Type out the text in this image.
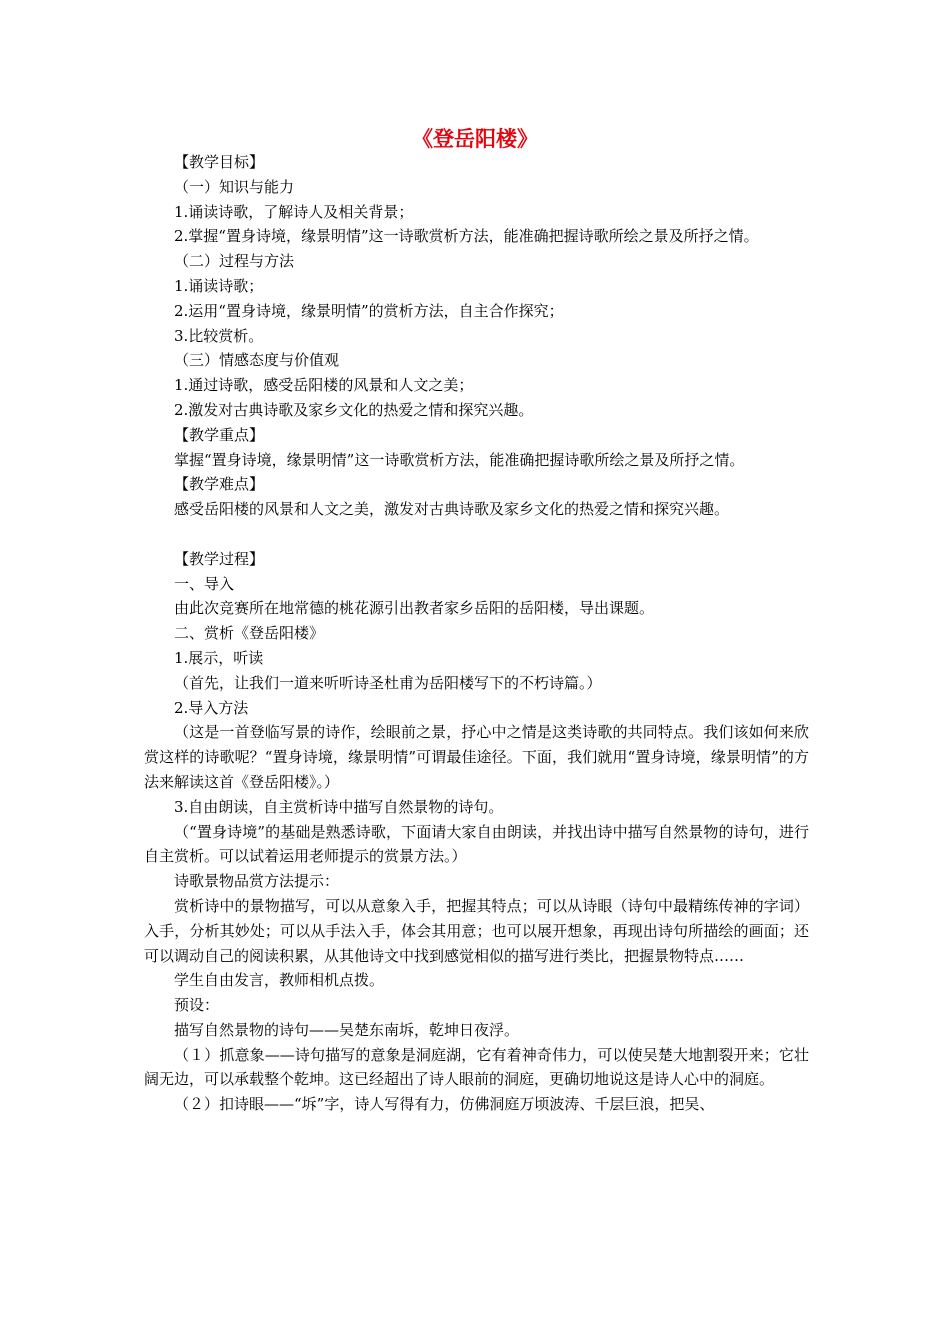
《登岳阳楼》

【教学目标】

（一）知识与能力

1.诵读诗歌，了解诗人及相关背景；

2.掌握“置身诗境，缘景明情”这一诗歌赏析方法，能准确把握诗歌所绘之景及所抒之情。

（二）过程与方法

1.诵读诗歌；

2.运用“置身诗境，缘景明情”的赏析方法，自主合作探究；

3.比较赏析。

（三）情感态度与价值观

1.通过诗歌，感受岳阳楼的风景和人文之美；

2.激发对古典诗歌及家乡文化的热爱之情和探究兴趣。

【教学重点】

掌握“置身诗境，缘景明情”这一诗歌赏析方法，能准确把握诗歌所绘之景及所抒之情。

【教学难点】

感受岳阳楼的风景和人文之美，激发对古典诗歌及家乡文化的热爱之情和探究兴趣。

【教学过程】

一、导入

由此次竞赛所在地常德的桃花源引出教者家乡岳阳的岳阳楼，导出课题。

二、赏析《登岳阳楼》

1.展示，听读

（首先，让我们一道来听听诗圣杜甫为岳阳楼写下的不朽诗篇。）

2.导入方法

（这是一首登临写景的诗作，绘眼前之景，抒心中之情是这类诗歌的共同特点。我们该如何来欣赏这样的诗歌呢？“置身诗境，缘景明情”可谓最佳途径。下面，我们就用“置身诗境，缘景明情”的方法来解读这首《登岳阳楼》。）

3.自由朗读，自主赏析诗中描写自然景物的诗句。

（“置身诗境”的基础是熟悉诗歌，下面请大家自由朗读，并找出诗中描写自然景物的诗句，进行自主赏析。可以试着运用老师提示的赏景方法。）

诗歌景物品赏方法提示：

赏析诗中的景物描写，可以从意象入手，把握其特点；可以从诗眼（诗句中最精练传神的字词）入手，分析其妙处；可以从手法入手，体会其用意；也可以展开想象，再现出诗句所描绘的画面；还可以调动自己的阅读积累，从其他诗文中找到感觉相似的描写进行类比，把握景物特点……

学生自由发言，教师相机点拨。

预设：

描写自然景物的诗句——吴楚东南坼，乾坤日夜浮。

（１）抓意象——诗句描写的意象是洞庭湖，它有着神奇伟力，可以使吴楚大地割裂开来；它壮阔无边，可以承载整个乾坤。这已经超出了诗人眼前的洞庭，更确切地说这是诗人心中的洞庭。

（２）扣诗眼——“坼”字，诗人写得有力，仿佛洞庭万顷波涛、千层巨浪，把吴、
